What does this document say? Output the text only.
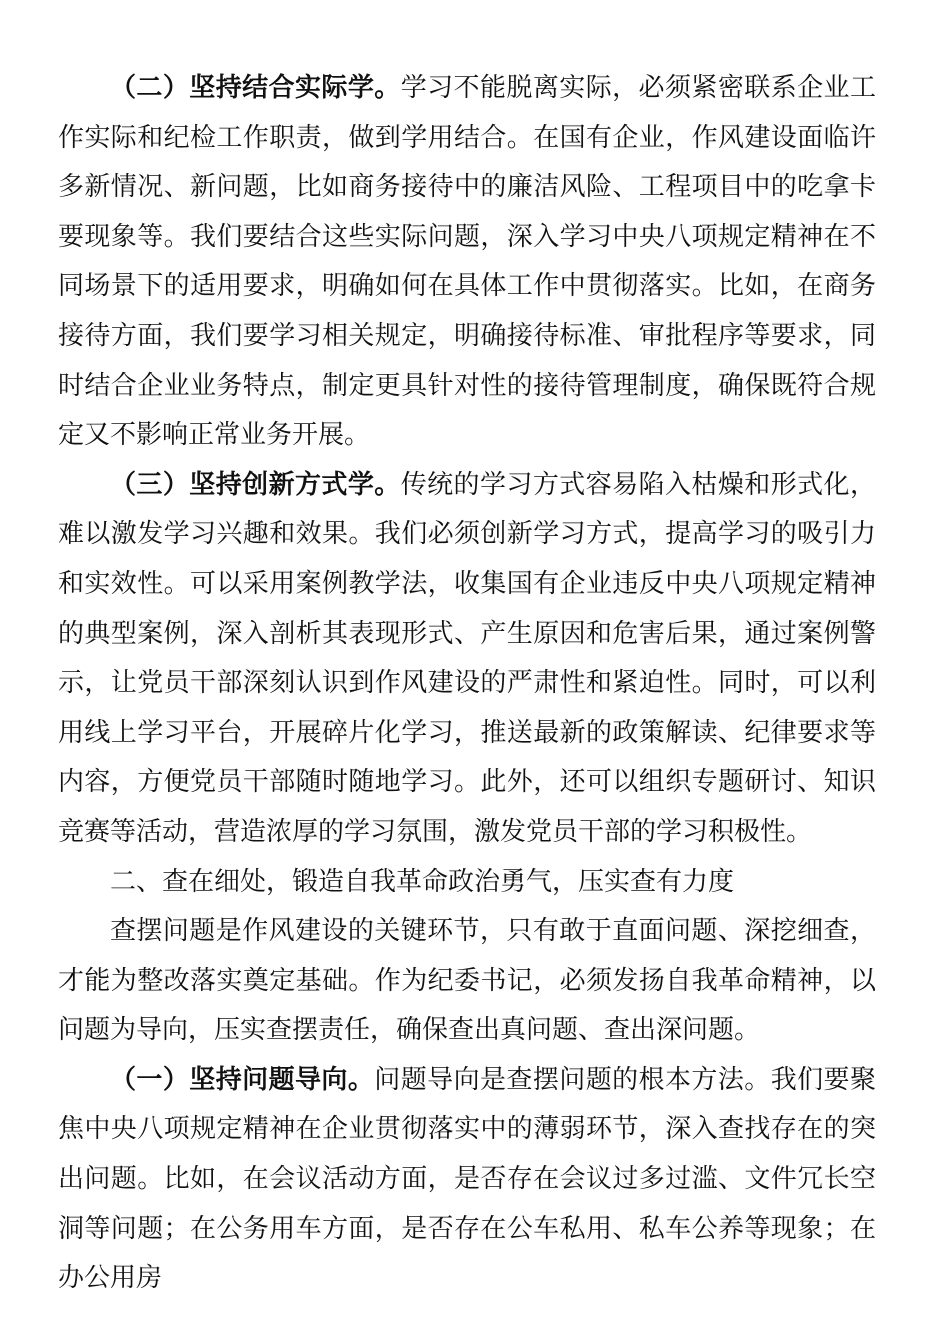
（二）坚持结合实际学。学习不能脱离实际，必须紧密联系企业工作实际和纪检工作职责，做到学用结合。在国有企业，作风建设面临许多新情况、新问题，比如商务接待中的廉洁风险、工程项目中的吃拿卡要现象等。我们要结合这些实际问题，深入学习中央八项规定精神在不同场景下的适用要求，明确如何在具体工作中贯彻落实。比如，在商务接待方面，我们要学习相关规定，明确接待标准、审批程序等要求，同时结合企业业务特点，制定更具针对性的接待管理制度，确保既符合规定又不影响正常业务开展。

（三）坚持创新方式学。传统的学习方式容易陷入枯燥和形式化，难以激发学习兴趣和效果。我们必须创新学习方式，提高学习的吸引力和实效性。可以采用案例教学法，收集国有企业违反中央八项规定精神的典型案例，深入剖析其表现形式、产生原因和危害后果，通过案例警示，让党员干部深刻认识到作风建设的严肃性和紧迫性。同时，可以利用线上学习平台，开展碎片化学习，推送最新的政策解读、纪律要求等内容，方便党员干部随时随地学习。此外，还可以组织专题研讨、知识竞赛等活动，营造浓厚的学习氛围，激发党员干部的学习积极性。

二、查在细处，锻造自我革命政治勇气，压实查有力度

查摆问题是作风建设的关键环节，只有敢于直面问题、深挖细查，才能为整改落实奠定基础。作为纪委书记，必须发扬自我革命精神，以问题为导向，压实查摆责任，确保查出真问题、查出深问题。

（一）坚持问题导向。问题导向是查摆问题的根本方法。我们要聚焦中央八项规定精神在企业贯彻落实中的薄弱环节，深入查找存在的突出问题。比如，在会议活动方面，是否存在会议过多过滥、文件冗长空洞等问题；在公务用车方面，是否存在公车私用、私车公养等现象；在办公用房
